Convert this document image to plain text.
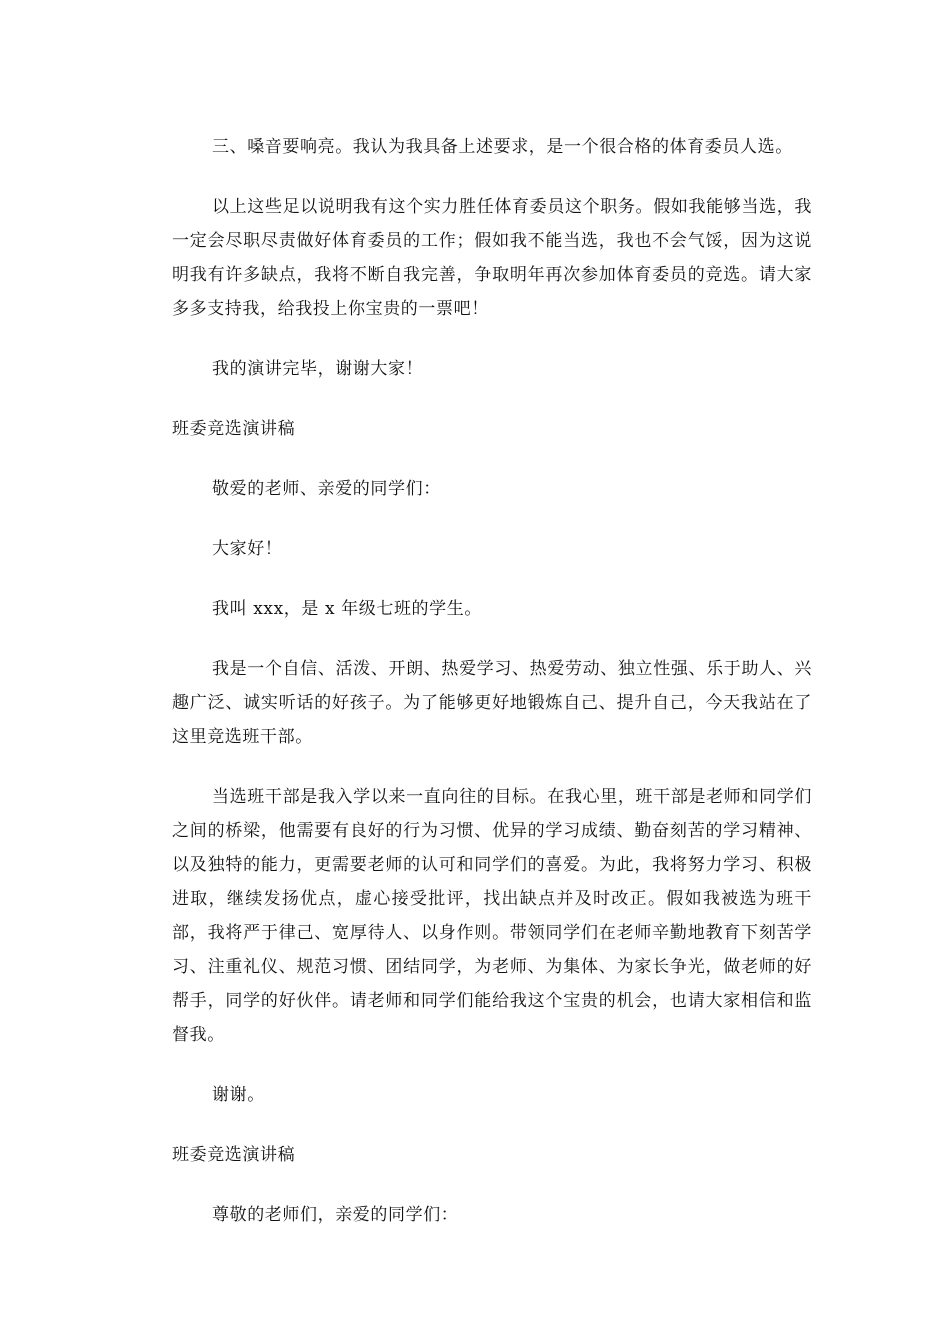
三、嗓音要响亮。我认为我具备上述要求，是一个很合格的体育委员人选。

以上这些足以说明我有这个实力胜任体育委员这个职务。假如我能够当选，我一定会尽职尽责做好体育委员的工作；假如我不能当选，我也不会气馁，因为这说明我有许多缺点，我将不断自我完善，争取明年再次参加体育委员的竞选。请大家多多支持我，给我投上你宝贵的一票吧！

我的演讲完毕，谢谢大家！

班委竞选演讲稿

敬爱的老师、亲爱的同学们：

大家好！

我叫 xxx，是 x 年级七班的学生。

我是一个自信、活泼、开朗、热爱学习、热爱劳动、独立性强、乐于助人、兴趣广泛、诚实听话的好孩子。为了能够更好地锻炼自己、提升自己，今天我站在了这里竞选班干部。

当选班干部是我入学以来一直向往的目标。在我心里，班干部是老师和同学们之间的桥梁，他需要有良好的行为习惯、优异的学习成绩、勤奋刻苦的学习精神、以及独特的能力，更需要老师的认可和同学们的喜爱。为此，我将努力学习、积极进取，继续发扬优点，虚心接受批评，找出缺点并及时改正。假如我被选为班干部，我将严于律己、宽厚待人、以身作则。带领同学们在老师辛勤地教育下刻苦学习、注重礼仪、规范习惯、团结同学，为老师、为集体、为家长争光，做老师的好帮手，同学的好伙伴。请老师和同学们能给我这个宝贵的机会，也请大家相信和监督我。

谢谢。

班委竞选演讲稿

尊敬的老师们，亲爱的同学们：
